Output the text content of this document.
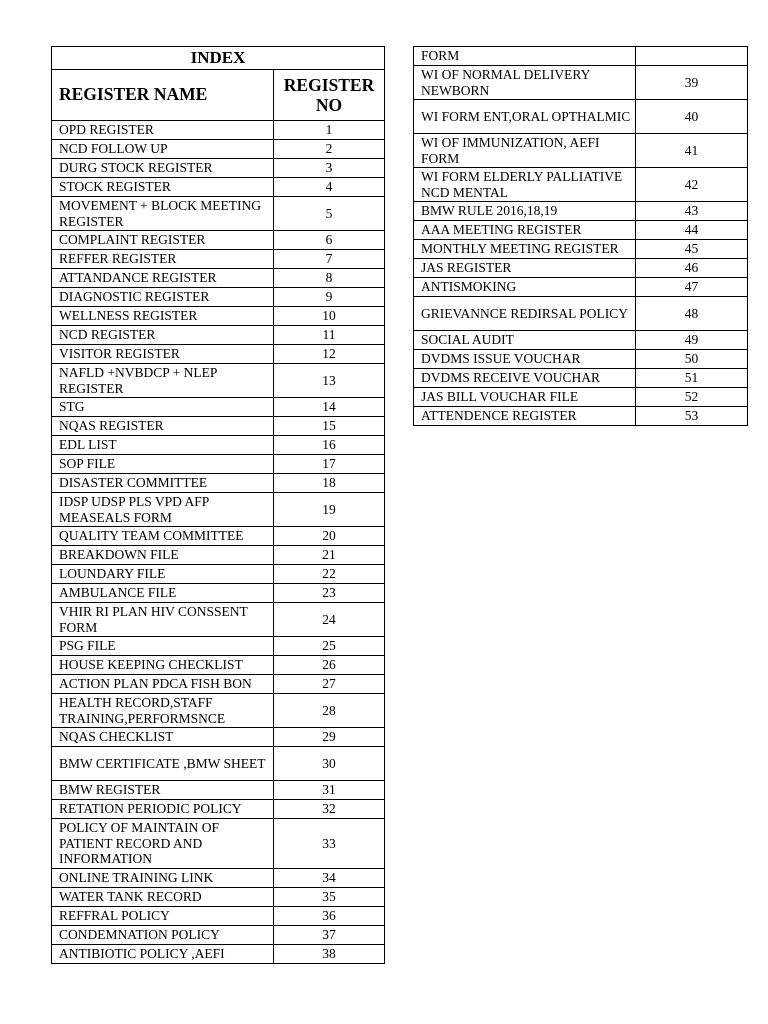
INDEX	
REGISTER NAME	REGISTER NO
OPD REGISTER	1
NCD FOLLOW UP	2
DURG STOCK REGISTER	3
STOCK REGISTER	4
MOVEMENT + BLOCK MEETING REGISTER	5
COMPLAINT REGISTER	6
REFFER REGISTER	7
ATTANDANCE REGISTER	8
DIAGNOSTIC REGISTER	9
WELLNESS REGISTER	10
NCD REGISTER	11
VISITOR REGISTER	12
NAFLD +NVBDCP + NLEP REGISTER	13
STG	14
NQAS REGISTER	15
EDL LIST	16
SOP FILE	17
DISASTER COMMITTEE	18
IDSP UDSP PLS VPD AFP MEASEALS FORM	19
QUALITY TEAM COMMITTEE	20
BREAKDOWN FILE	21
LOUNDARY FILE	22
AMBULANCE FILE	23
VHIR RI PLAN HIV CONSSENT FORM	24
PSG FILE	25
HOUSE KEEPING CHECKLIST	26
ACTION PLAN PDCA FISH BON	27
HEALTH RECORD,STAFF TRAINING,PERFORMSNCE	28
NQAS CHECKLIST	29
BMW CERTIFICATE ,BMW SHEET	30
BMW REGISTER	31
RETATION PERIODIC POLICY	32
POLICY OF MAINTAIN OF PATIENT RECORD AND INFORMATION	33
ONLINE TRAINING LINK	34
WATER TANK RECORD	35
REFFRAL POLICY	36
CONDEMNATION POLICY	37
ANTIBIOTIC POLICY ,AEFI	38
FORM	
WI OF NORMAL DELIVERY NEWBORN	39
WI FORM ENT,ORAL OPTHALMIC	40
WI OF IMMUNIZATION, AEFI FORM	41
WI FORM ELDERLY PALLIATIVE NCD MENTAL	42
BMW RULE 2016,18,19	43
AAA MEETING REGISTER	44
MONTHLY MEETING REGISTER	45
JAS REGISTER	46
ANTISMOKING	47
GRIEVANNCE REDIRSAL POLICY	48
SOCIAL AUDIT	49
DVDMS ISSUE VOUCHAR	50
DVDMS RECEIVE VOUCHAR	51
JAS BILL VOUCHAR FILE	52
ATTENDENCE REGISTER	53
